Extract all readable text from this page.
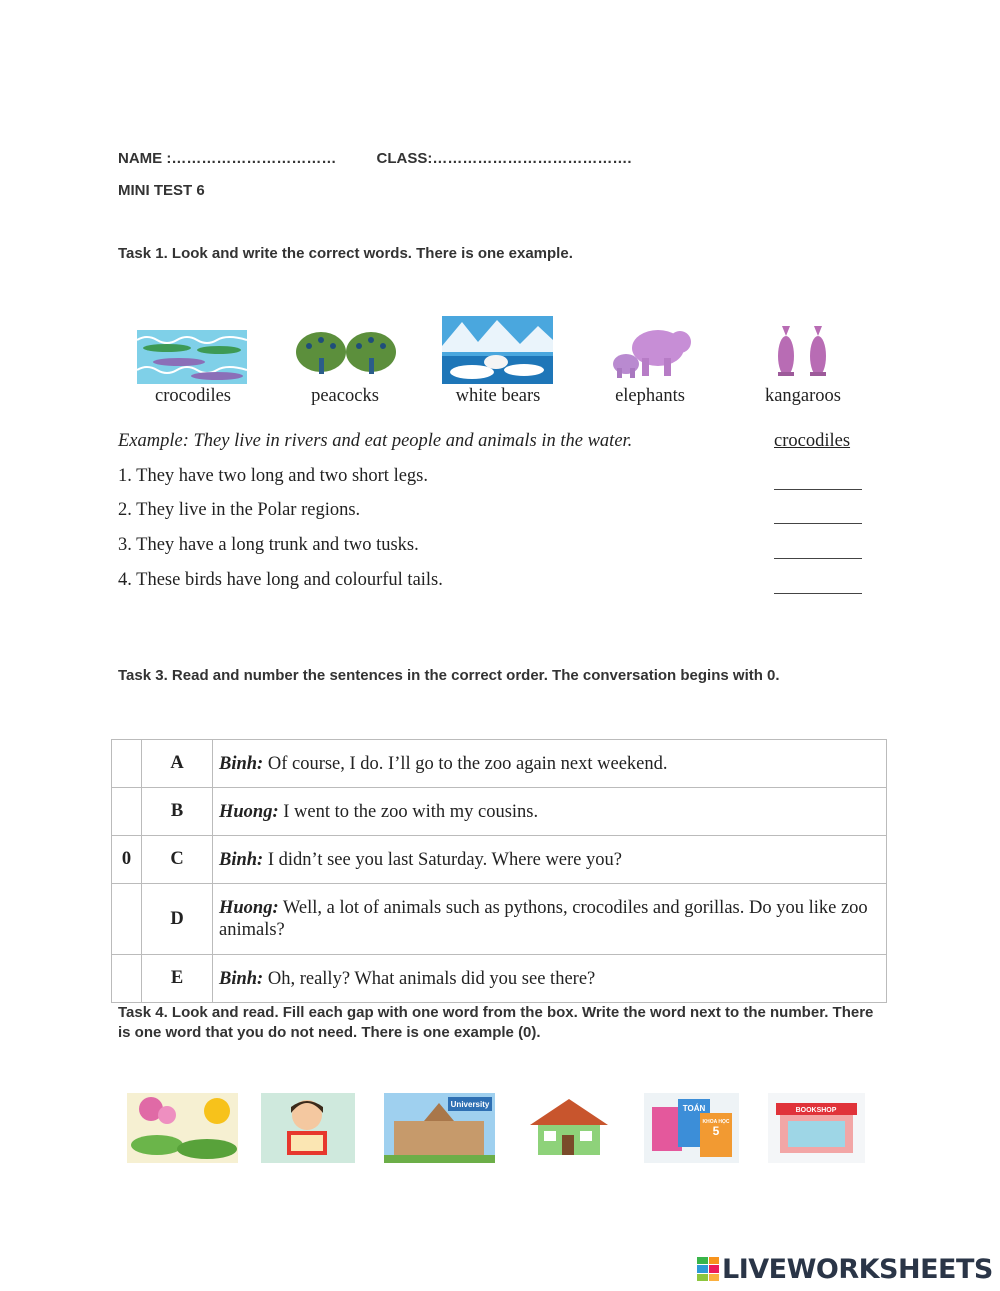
NAME :……………………………	CLASS:………………………………….
MINI TEST 6
Task 1. Look and write the correct words. There is one example.
crocodiles	peacocks	white bears	elephants	kangaroos
Example: They live in rivers and eat people and animals in the water.	crocodiles
1. They have two long and two short legs.
2. They live in the Polar regions.
3. They have a long trunk and two tusks.
4. These birds have long and colourful tails.
Task 3. Read and number the sentences in the correct order. The conversation begins with 0.
	A	Binh: Of course, I do. I’ll go to the zoo again next weekend.
	B	Huong: I went to the zoo with my cousins.
0	C	Binh: I didn’t see you last Saturday. Where were you?
	D	Huong: Well, a lot of animals such as pythons, crocodiles and gorillas. Do you like zoo animals?
	E	Binh: Oh, really? What animals did you see there?
Task 4. Look and read. Fill each gap with one word from the box. Write the word next to the number. There is one word that you do not need. There is one example (0).
University	TOÁN
5
KHOA HỌC
BOOKSHOP
LIVEWORKSHEETS
